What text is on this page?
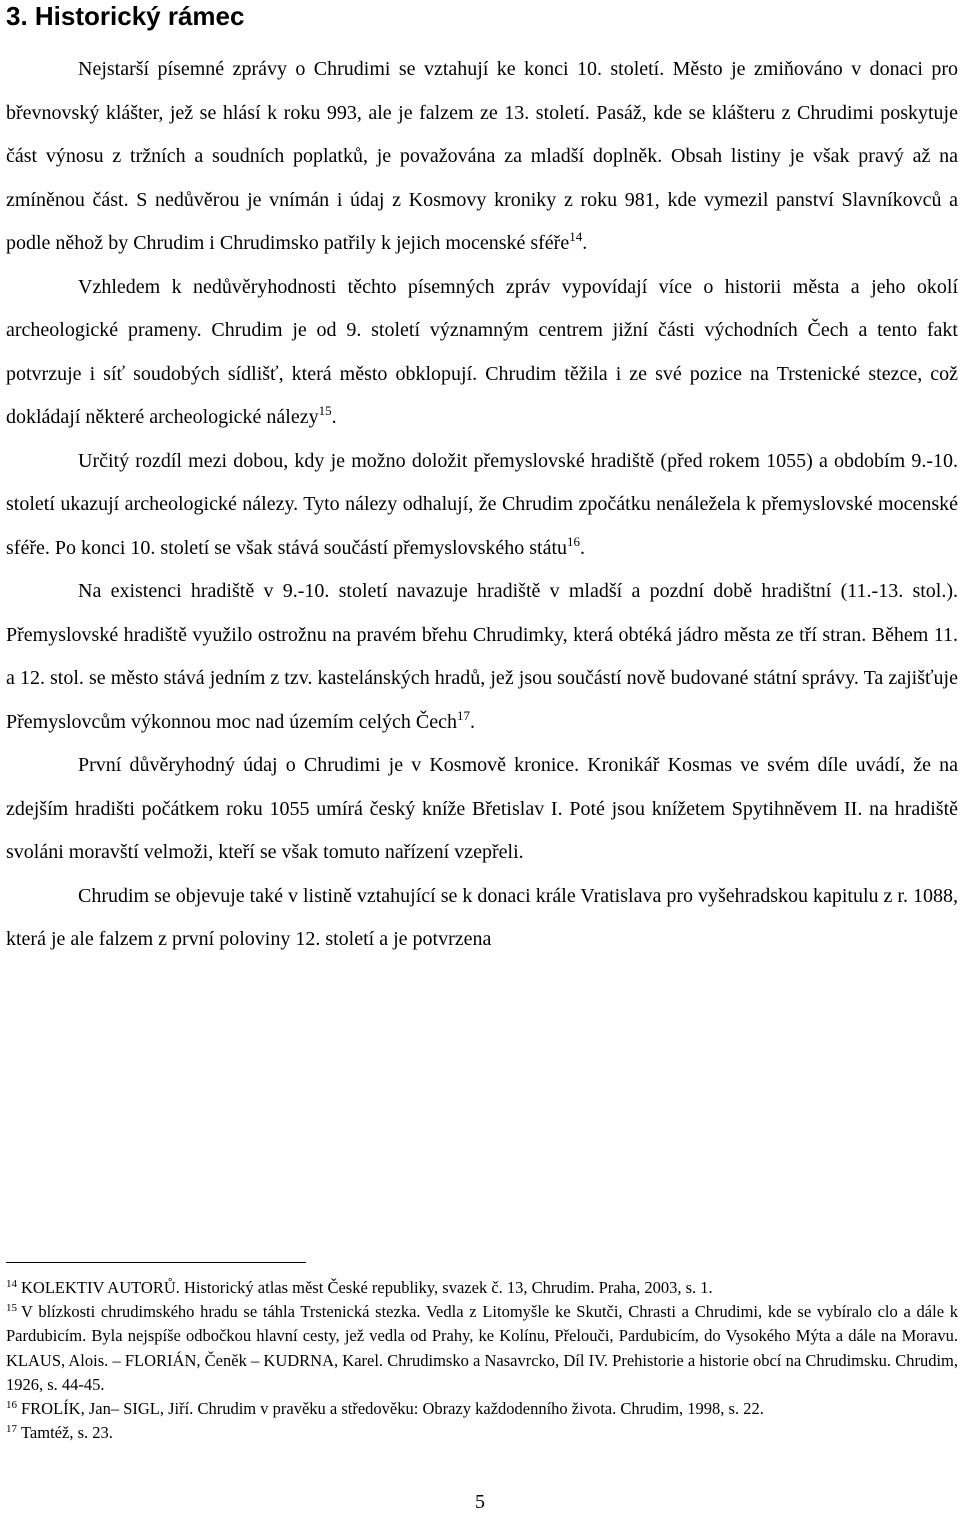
3. Historický rámec

Nejstarší písemné zprávy o Chrudimi se vztahují ke konci 10. století. Město je zmiňováno v donaci pro břevnovský klášter, jež se hlásí k roku 993, ale je falzem ze 13. století. Pasáž, kde se klášteru z Chrudimi poskytuje část výnosu z tržních a soudních poplatků, je považována za mladší doplněk. Obsah listiny je však pravý až na zmíněnou část. S nedůvěrou je vnímán i údaj z Kosmovy kroniky z roku 981, kde vymezil panství Slavníkovců a podle něhož by Chrudim i Chrudimsko patřily k jejich mocenské sféře$^{14}$.

Vzhledem k nedůvěryhodnosti těchto písemných zpráv vypovídají více o historii města a jeho okolí archeologické prameny. Chrudim je od 9. století významným centrem jižní části východních Čech a tento fakt potvrzuje i síť soudobých sídlišť, která město obklopují. Chrudim těžila i ze své pozice na Trstenické stezce, což dokládají některé archeologické nálezy$^{15}$.

Určitý rozdíl mezi dobou, kdy je možno doložit přemyslovské hradiště (před rokem 1055) a obdobím 9.-10. století ukazují archeologické nálezy. Tyto nálezy odhalují, že Chrudim zpočátku nenáležela k přemyslovské mocenské sféře. Po konci 10. století se však stává součástí přemyslovského státu$^{16}$.

Na existenci hradiště v 9.-10. století navazuje hradiště v mladší a pozdní době hradištní (11.-13. stol.). Přemyslovské hradiště využilo ostrožnu na pravém břehu Chrudimky, která obtéká jádro města ze tří stran. Během 11. a 12. stol. se město stává jedním z tzv. kastelánských hradů, jež jsou součástí nově budované státní správy. Ta zajišťuje Přemyslovcům výkonnou moc nad územím celých Čech$^{17}$.

První důvěryhodný údaj o Chrudimi je v Kosmově kronice. Kronikář Kosmas ve svém díle uvádí, že na zdejším hradišti počátkem roku 1055 umírá český kníže Břetislav I. Poté jsou knížetem Spytihněvem II. na hradiště svoláni moravští velmoži, kteří se však tomuto nařízení vzepřeli.

Chrudim se objevuje také v listině vztahující se k donaci krále Vratislava pro vyšehradskou kapitulu z r. 1088, která je ale falzem z první poloviny 12. století a je potvrzena

$^{14}$ KOLEKTIV AUTORŮ. Historický atlas měst České republiky, svazek č. 13, Chrudim. Praha, 2003, s. 1.

$^{15}$ V blízkosti chrudimského hradu se táhla Trstenická stezka. Vedla z Litomyšle ke Skutči, Chrasti a Chrudimi, kde se vybíralo clo a dále k Pardubicím. Byla nejspíše odbočkou hlavní cesty, jež vedla od Prahy, ke Kolínu, Přelouči, Pardubicím, do Vysokého Mýta a dále na Moravu. KLAUS, Alois. – FLORIÁN, Čeněk – KUDRNA, Karel. Chrudimsko a Nasavrcko, Díl IV. Prehistorie a historie obcí na Chrudimsku. Chrudim, 1926, s. 44-45.

$^{16}$ FROLÍK, Jan– SIGL, Jiří. Chrudim v pravěku a středověku: Obrazy každodenního života. Chrudim, 1998, s. 22.

$^{17}$ Tamtéž, s. 23.

5
